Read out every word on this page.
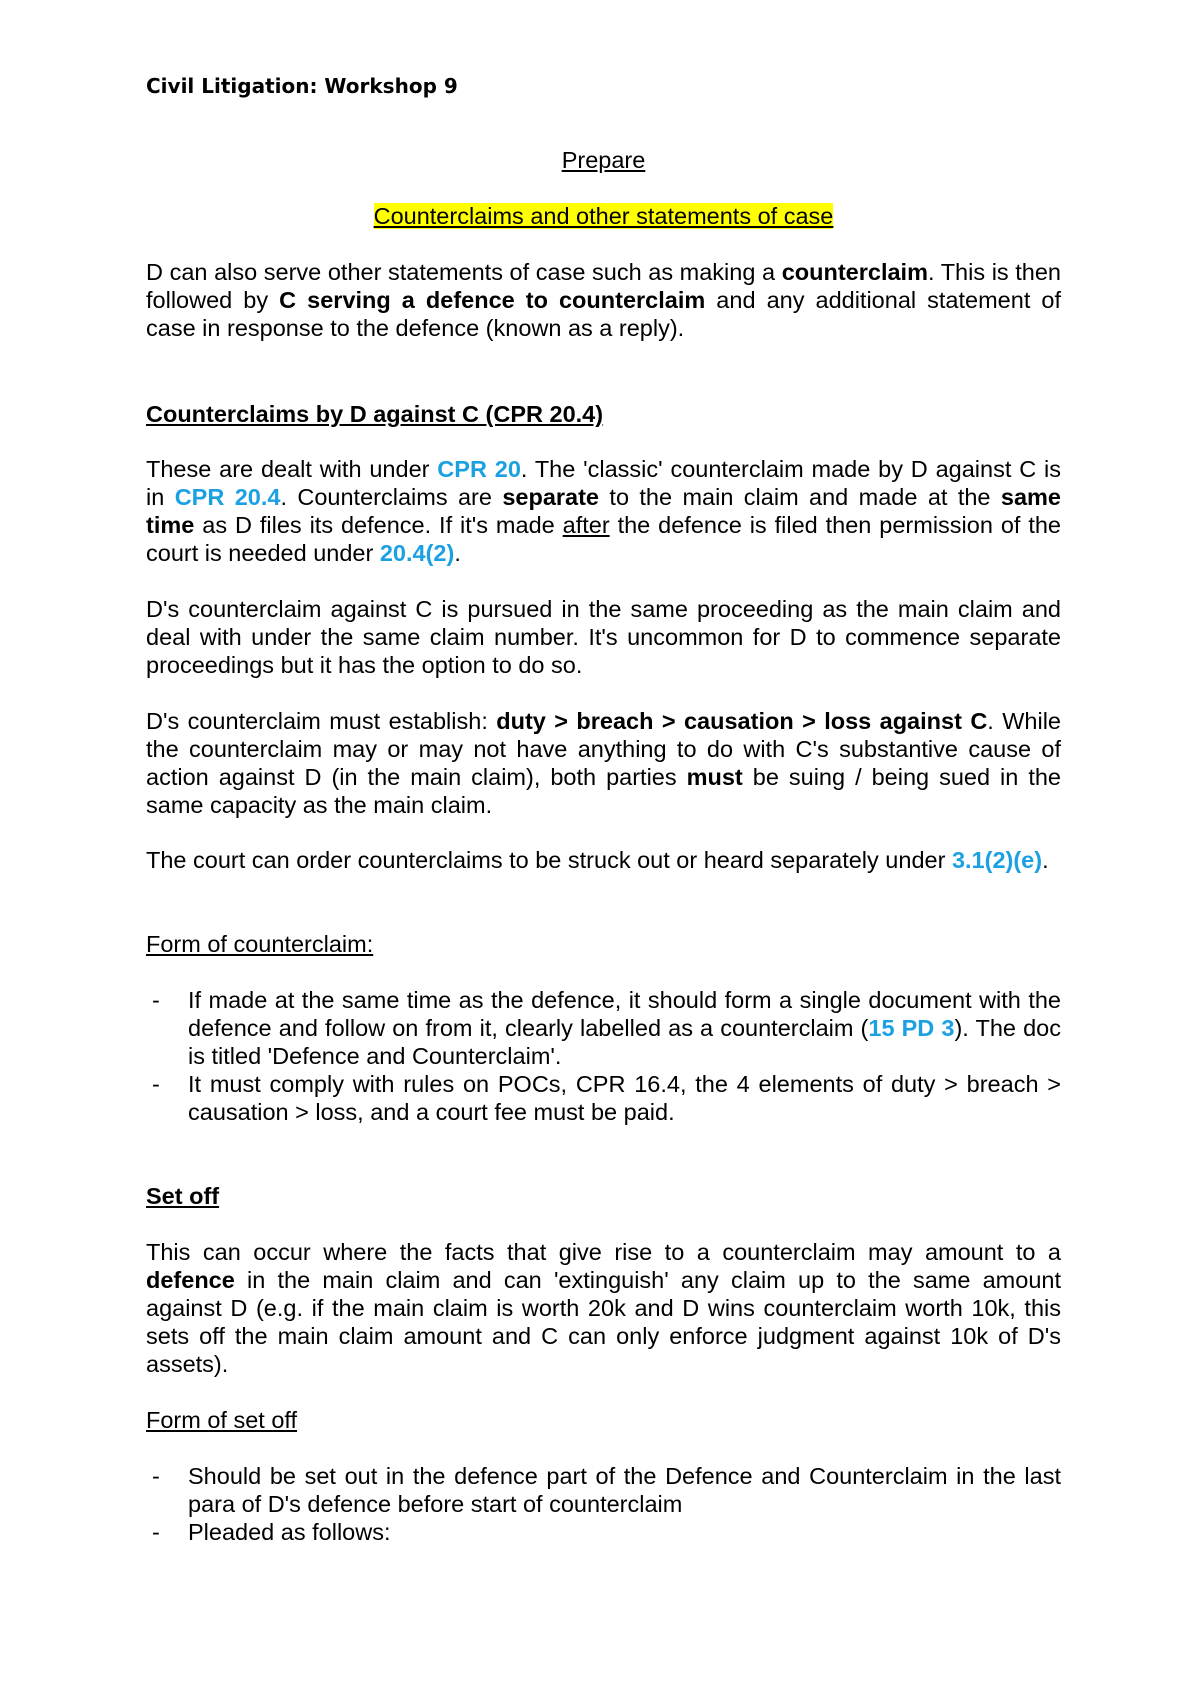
Civil Litigation: Workshop 9
Prepare
Counterclaims and other statements of case

D can also serve other statements of case such as making a counterclaim. This is then followed by C serving a defence to counterclaim and any additional statement of case in response to the defence (known as a reply).

Counterclaims by D against C (CPR 20.4)

These are dealt with under CPR 20. The 'classic' counterclaim made by D against C is in CPR 20.4. Counterclaims are separate to the main claim and made at the same time as D files its defence. If it's made after the defence is filed then permission of the court is needed under 20.4(2).

D's counterclaim against C is pursued in the same proceeding as the main claim and deal with under the same claim number. It's uncommon for D to commence separate proceedings but it has the option to do so.

D's counterclaim must establish: duty > breach > causation > loss against C. While the counterclaim may or may not have anything to do with C's substantive cause of action against D (in the main claim), both parties must be suing / being sued in the same capacity as the main claim.

The court can order counterclaims to be struck out or heard separately under 3.1(2)(e).

Form of counterclaim:
- If made at the same time as the defence, it should form a single document with the defence and follow on from it, clearly labelled as a counterclaim (15 PD 3). The doc is titled 'Defence and Counterclaim'.
- It must comply with rules on POCs, CPR 16.4, the 4 elements of duty > breach > causation > loss, and a court fee must be paid.
Set off

This can occur where the facts that give rise to a counterclaim may amount to a defence in the main claim and can 'extinguish' any claim up to the same amount against D (e.g. if the main claim is worth 20k and D wins counterclaim worth 10k, this sets off the main claim amount and C can only enforce judgment against 10k of D's assets).

Form of set off
- Should be set out in the defence part of the Defence and Counterclaim in the last para of D's defence before start of counterclaim
- Pleaded as follows:
